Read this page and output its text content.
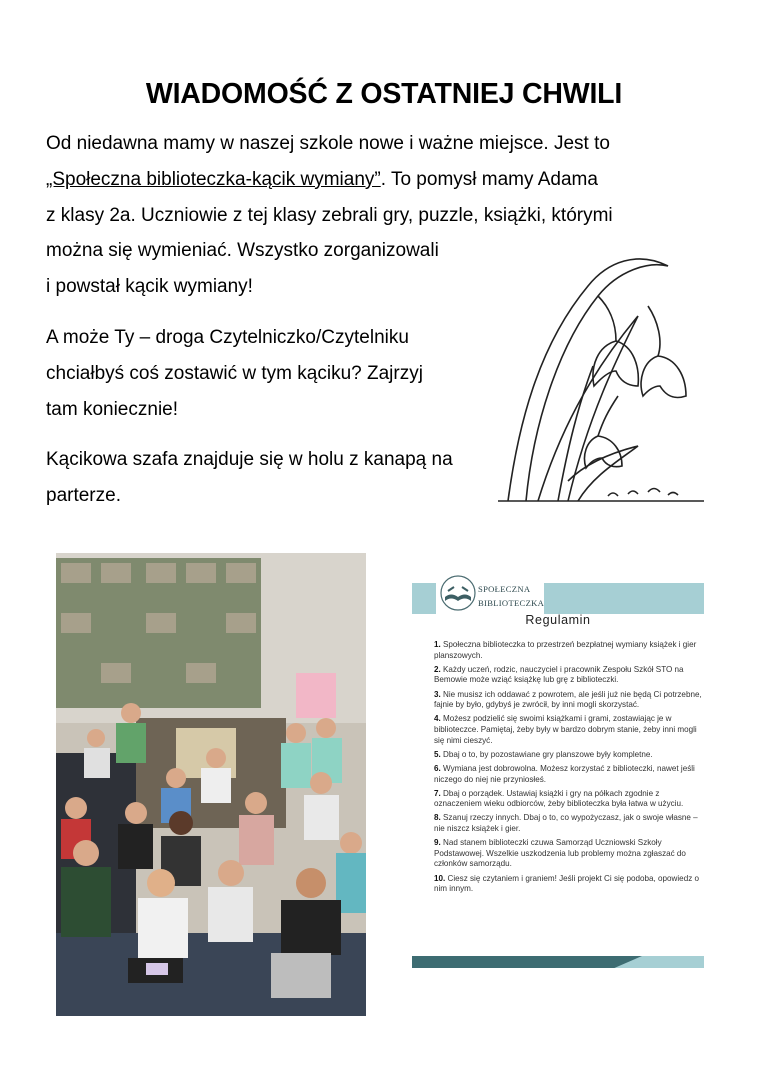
WIADOMOŚĆ Z OSTATNIEJ CHWILI

Od niedawna mamy w naszej szkole nowe i ważne miejsce. Jest to
„Społeczna biblioteczka-kącik wymiany”. To pomysł mamy Adama
z klasy 2a. Uczniowie z tej klasy zebrali gry, puzzle, książki, którymi
można się wymieniać. Wszystko zorganizowali
i powstał kącik wymiany!

A może Ty – droga Czytelniczko/Czytelniku
chciałbyś coś zostawić w tym kąciku? Zajrzyj
tam koniecznie!

Kącikowa szafa znajduje się w holu z kanapą na
parterze.

SPOŁECZNA
BIBLIOTECZKA
Regulamin
1. Społeczna biblioteczka to przestrzeń bezpłatnej wymiany książek i gier planszowych.
2. Każdy uczeń, rodzic, nauczyciel i pracownik Zespołu Szkół STO na Bemowie może wziąć książkę lub grę z biblioteczki.
3. Nie musisz ich oddawać z powrotem, ale jeśli już nie będą Ci potrzebne, fajnie by było, gdybyś je zwrócił, by inni mogli skorzystać.
4. Możesz podzielić się swoimi książkami i grami, zostawiając je w biblioteczce. Pamiętaj, żeby były w bardzo dobrym stanie, żeby inni mogli się nimi cieszyć.
5. Dbaj o to, by pozostawiane gry planszowe były kompletne.
6. Wymiana jest dobrowolna. Możesz korzystać z biblioteczki, nawet jeśli niczego do niej nie przyniosłeś.
7. Dbaj o porządek. Ustawiaj książki i gry na półkach zgodnie z oznaczeniem wieku odbiorców, żeby biblioteczka była łatwa w użyciu.
8. Szanuj rzeczy innych. Dbaj o to, co wypożyczasz, jak o swoje własne – nie niszcz książek i gier.
9. Nad stanem biblioteczki czuwa Samorząd Uczniowski Szkoły Podstawowej. Wszelkie uszkodzenia lub problemy można zgłaszać do członków samorządu.
10. Ciesz się czytaniem i graniem! Jeśli projekt Ci się podoba, opowiedz o nim innym.
